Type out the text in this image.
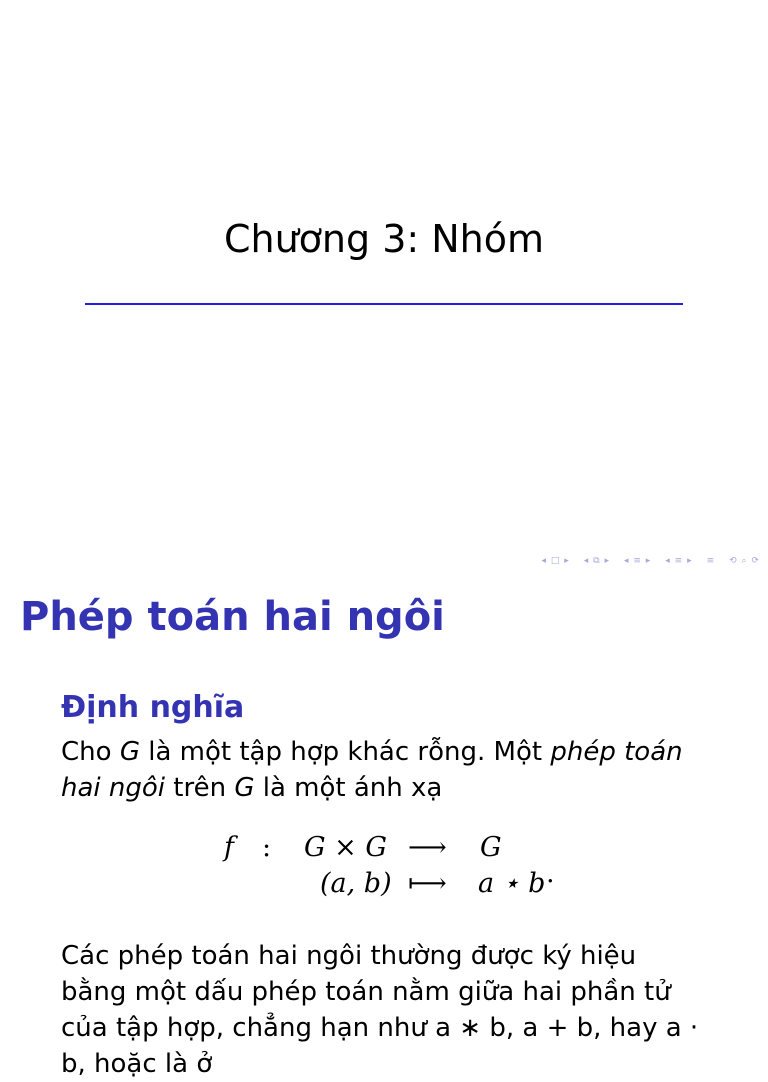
Chương 3: Nhóm
◂ □ ▸ ◂ ⧉ ▸ ◂ ≡ ▸ ◂ ≡ ▸ ≡ ⟲ ⌕ ⟳
Phép toán hai ngôi
Định nghĩa
Cho G là một tập hợp khác rỗng. Một phép toán hai ngôi trên G là một ánh xạ
f : G × G ⟶ G
(a, b) ⟼ a ⋆ b .
Các phép toán hai ngôi thường được ký hiệu bằng một dấu phép toán nằm giữa hai phần tử của tập hợp, chẳng hạn như a ∗ b, a + b, hay a · b, hoặc là ở
